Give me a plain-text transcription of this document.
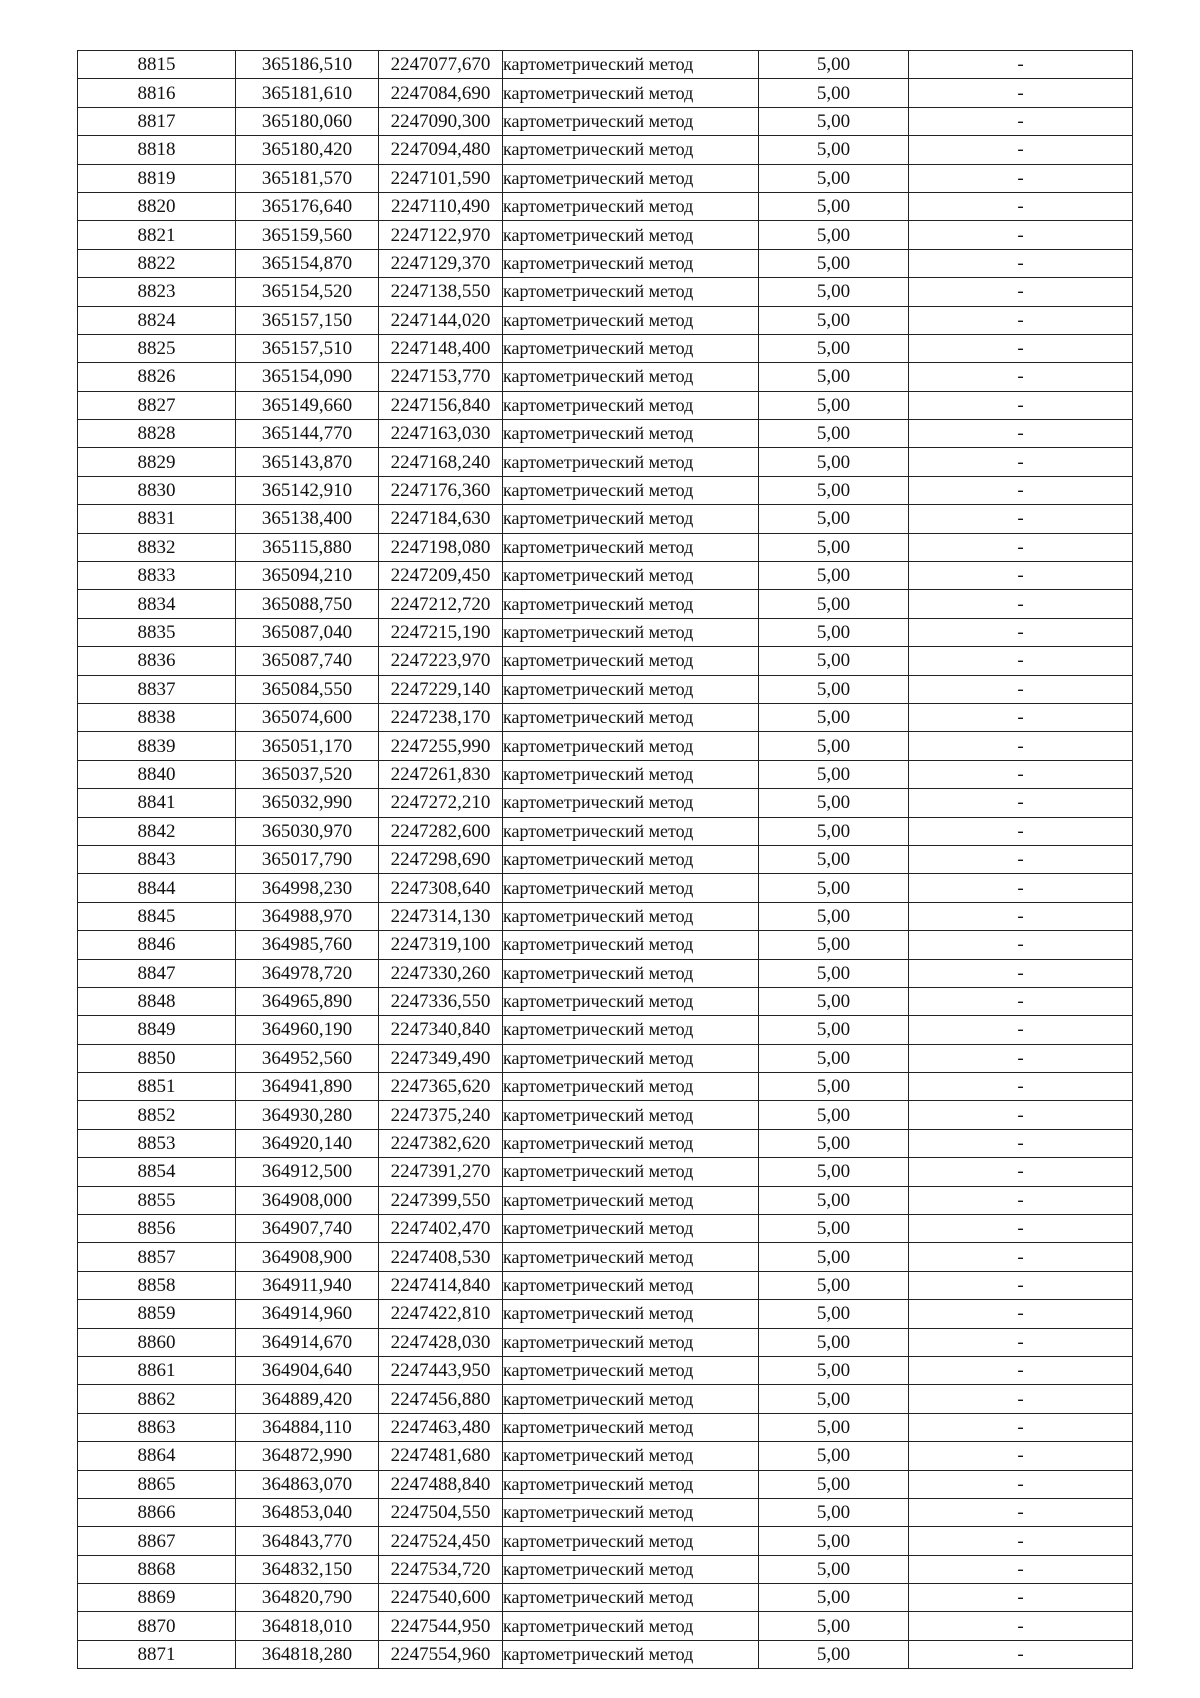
8815	365186,510	2247077,670	картометрический метод	5,00	-
8816	365181,610	2247084,690	картометрический метод	5,00	-
8817	365180,060	2247090,300	картометрический метод	5,00	-
8818	365180,420	2247094,480	картометрический метод	5,00	-
8819	365181,570	2247101,590	картометрический метод	5,00	-
8820	365176,640	2247110,490	картометрический метод	5,00	-
8821	365159,560	2247122,970	картометрический метод	5,00	-
8822	365154,870	2247129,370	картометрический метод	5,00	-
8823	365154,520	2247138,550	картометрический метод	5,00	-
8824	365157,150	2247144,020	картометрический метод	5,00	-
8825	365157,510	2247148,400	картометрический метод	5,00	-
8826	365154,090	2247153,770	картометрический метод	5,00	-
8827	365149,660	2247156,840	картометрический метод	5,00	-
8828	365144,770	2247163,030	картометрический метод	5,00	-
8829	365143,870	2247168,240	картометрический метод	5,00	-
8830	365142,910	2247176,360	картометрический метод	5,00	-
8831	365138,400	2247184,630	картометрический метод	5,00	-
8832	365115,880	2247198,080	картометрический метод	5,00	-
8833	365094,210	2247209,450	картометрический метод	5,00	-
8834	365088,750	2247212,720	картометрический метод	5,00	-
8835	365087,040	2247215,190	картометрический метод	5,00	-
8836	365087,740	2247223,970	картометрический метод	5,00	-
8837	365084,550	2247229,140	картометрический метод	5,00	-
8838	365074,600	2247238,170	картометрический метод	5,00	-
8839	365051,170	2247255,990	картометрический метод	5,00	-
8840	365037,520	2247261,830	картометрический метод	5,00	-
8841	365032,990	2247272,210	картометрический метод	5,00	-
8842	365030,970	2247282,600	картометрический метод	5,00	-
8843	365017,790	2247298,690	картометрический метод	5,00	-
8844	364998,230	2247308,640	картометрический метод	5,00	-
8845	364988,970	2247314,130	картометрический метод	5,00	-
8846	364985,760	2247319,100	картометрический метод	5,00	-
8847	364978,720	2247330,260	картометрический метод	5,00	-
8848	364965,890	2247336,550	картометрический метод	5,00	-
8849	364960,190	2247340,840	картометрический метод	5,00	-
8850	364952,560	2247349,490	картометрический метод	5,00	-
8851	364941,890	2247365,620	картометрический метод	5,00	-
8852	364930,280	2247375,240	картометрический метод	5,00	-
8853	364920,140	2247382,620	картометрический метод	5,00	-
8854	364912,500	2247391,270	картометрический метод	5,00	-
8855	364908,000	2247399,550	картометрический метод	5,00	-
8856	364907,740	2247402,470	картометрический метод	5,00	-
8857	364908,900	2247408,530	картометрический метод	5,00	-
8858	364911,940	2247414,840	картометрический метод	5,00	-
8859	364914,960	2247422,810	картометрический метод	5,00	-
8860	364914,670	2247428,030	картометрический метод	5,00	-
8861	364904,640	2247443,950	картометрический метод	5,00	-
8862	364889,420	2247456,880	картометрический метод	5,00	-
8863	364884,110	2247463,480	картометрический метод	5,00	-
8864	364872,990	2247481,680	картометрический метод	5,00	-
8865	364863,070	2247488,840	картометрический метод	5,00	-
8866	364853,040	2247504,550	картометрический метод	5,00	-
8867	364843,770	2247524,450	картометрический метод	5,00	-
8868	364832,150	2247534,720	картометрический метод	5,00	-
8869	364820,790	2247540,600	картометрический метод	5,00	-
8870	364818,010	2247544,950	картометрический метод	5,00	-
8871	364818,280	2247554,960	картометрический метод	5,00	-
